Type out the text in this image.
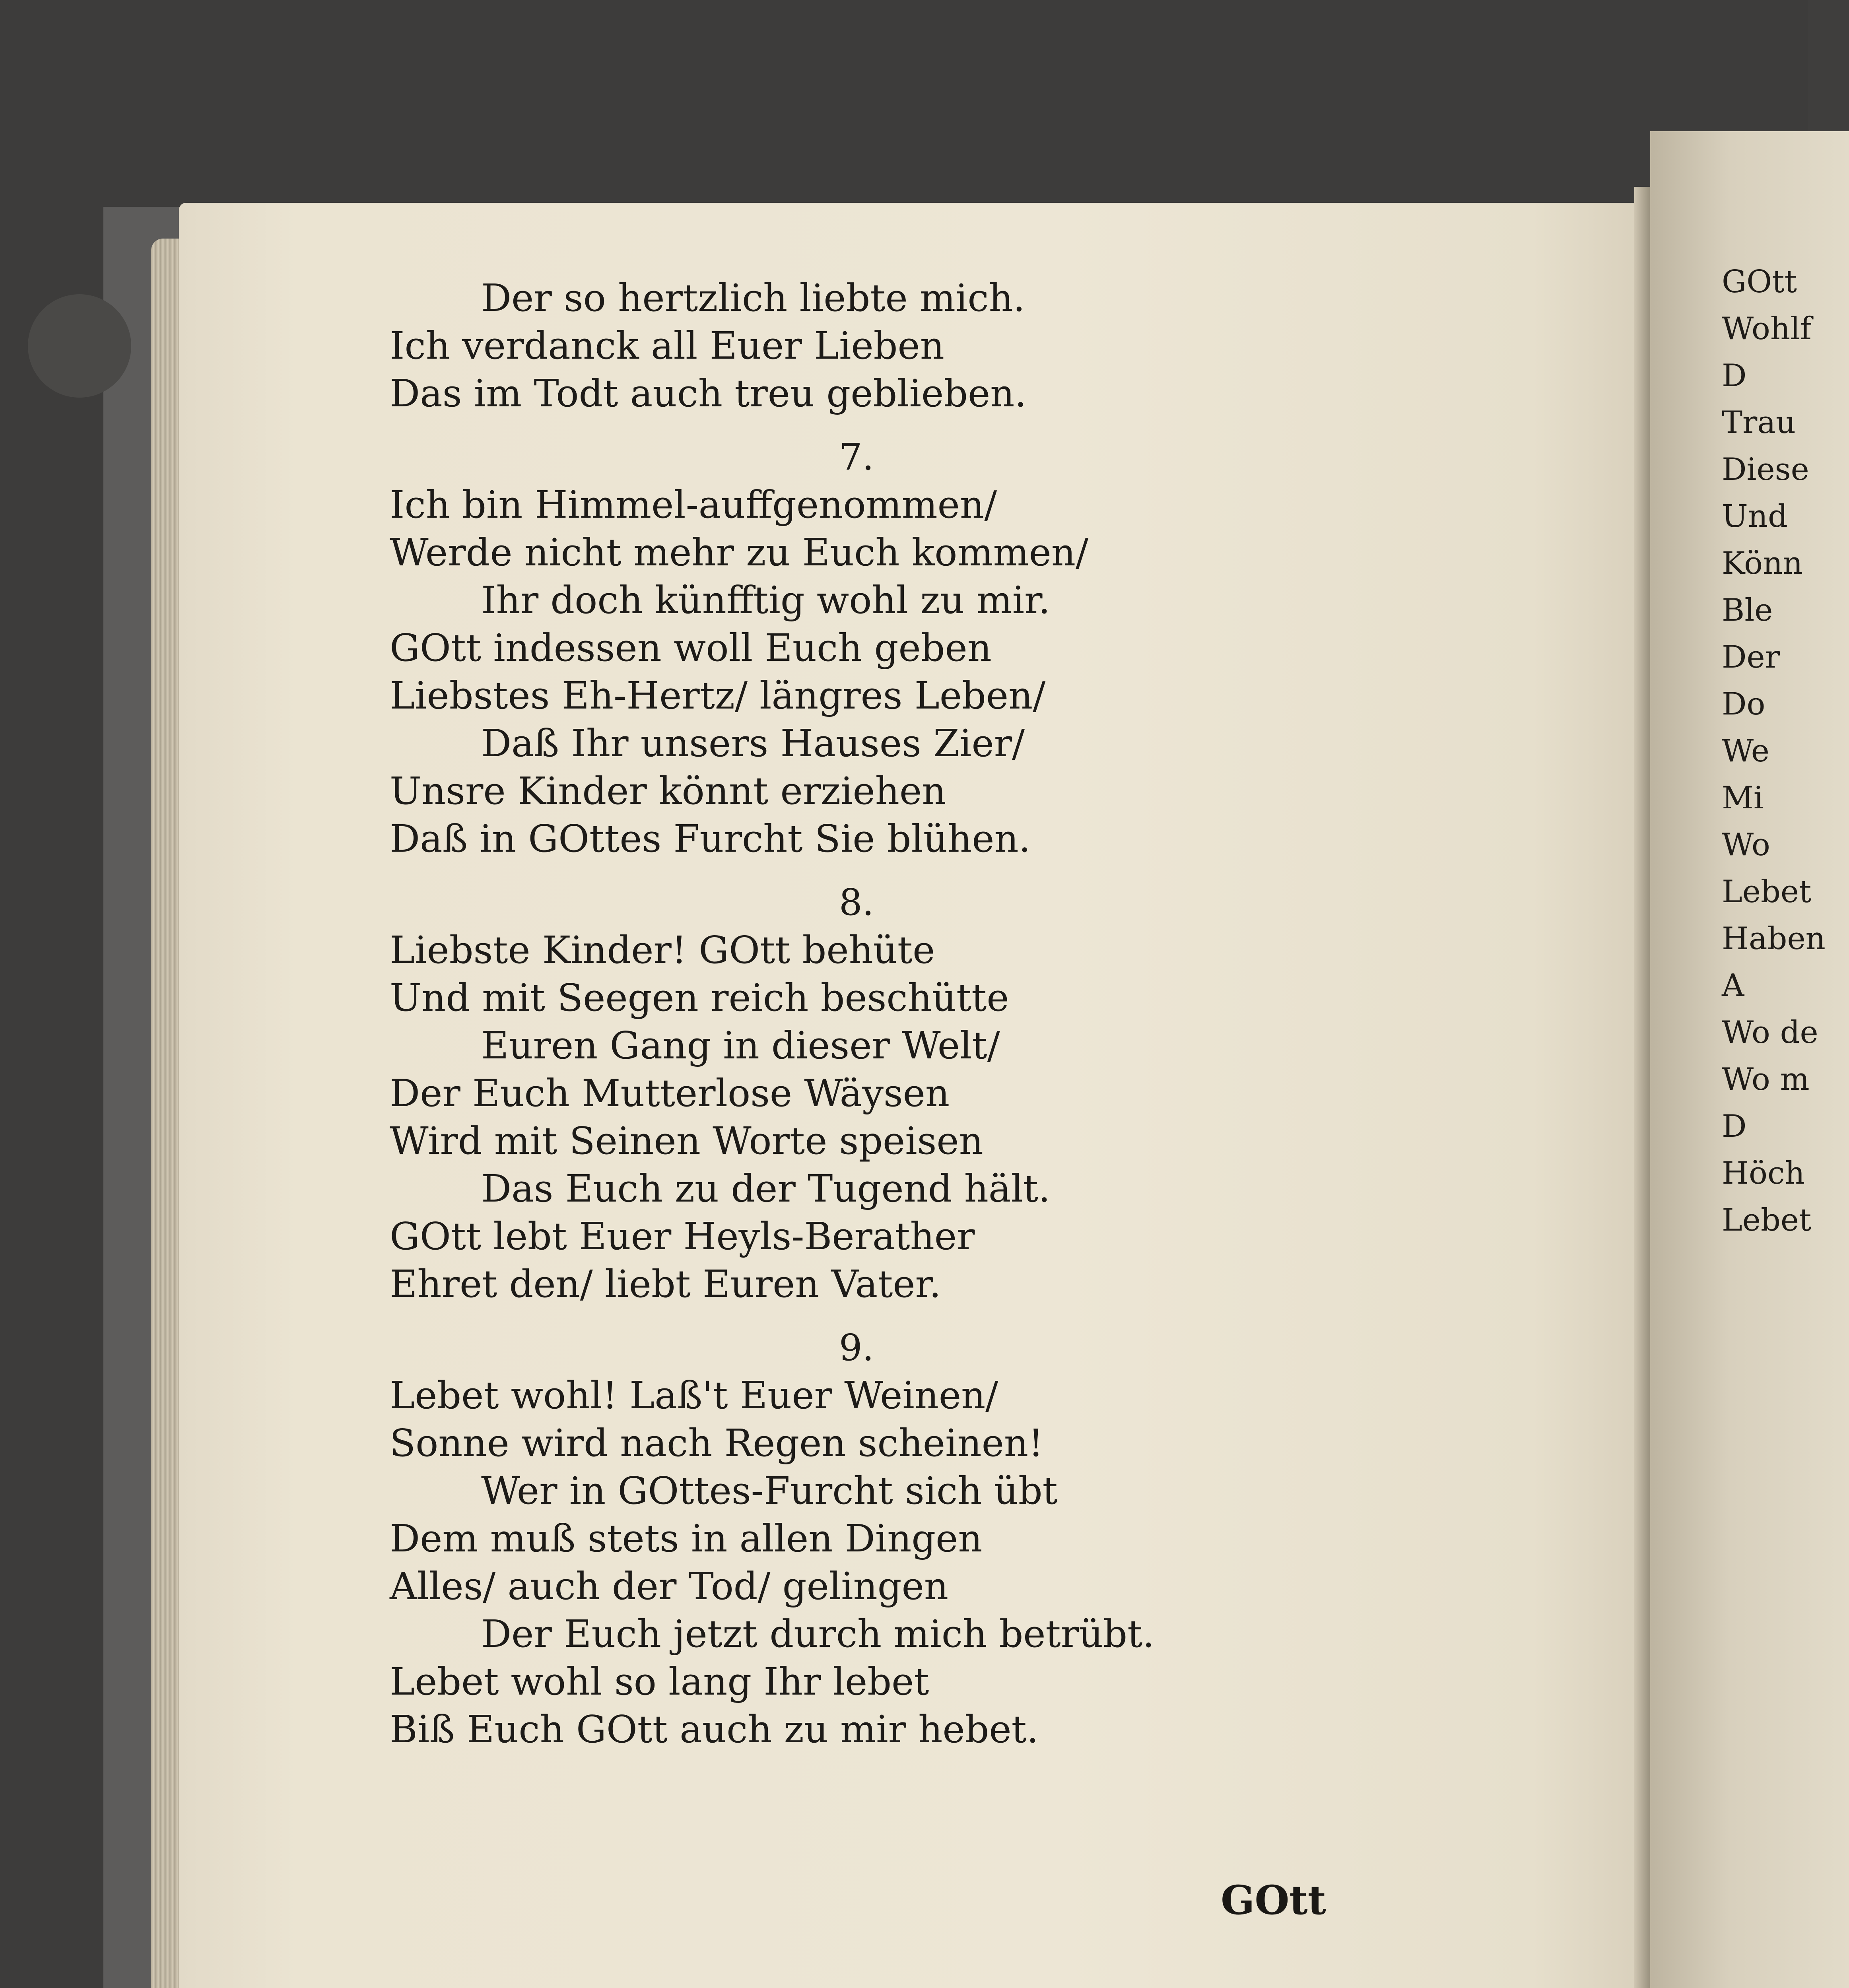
Der so hertzlich liebte mich.
Ich verdanck all Euer Lieben
Das im Todt auch treu geblieben.
7.
Ich bin Himmel-auffgenommen/
Werde nicht mehr zu Euch kommen/
Ihr doch künfftig wohl zu mir.
GOtt indessen woll Euch geben
Liebstes Eh-Hertz/ längres Leben/
Daß Ihr unsers Hauses Zier/
Unsre Kinder könnt erziehen
Daß in GOttes Furcht Sie blühen.
8.
Liebste Kinder! GOtt behüte
Und mit Seegen reich beschütte
Euren Gang in dieser Welt/
Der Euch Mutterlose Wäysen
Wird mit Seinen Worte speisen
Das Euch zu der Tugend hält.
GOtt lebt Euer Heyls-Berather
Ehret den/ liebt Euren Vater.
9.
Lebet wohl! Laß't Euer Weinen/
Sonne wird nach Regen scheinen!
Wer in GOttes-Furcht sich übt
Dem muß stets in allen Dingen
Alles/ auch der Tod/ gelingen
Der Euch jetzt durch mich betrübt.
Lebet wohl so lang Ihr lebet
Biß Euch GOtt auch zu mir hebet.
GOtt
GOtt
Wohlf
D
Trau
Diese
Und
Könn
Ble
Der
Do
We
Mi
Wo
Lebet
Haben
A
Wo de
Wo m
D
Höch
Lebet
